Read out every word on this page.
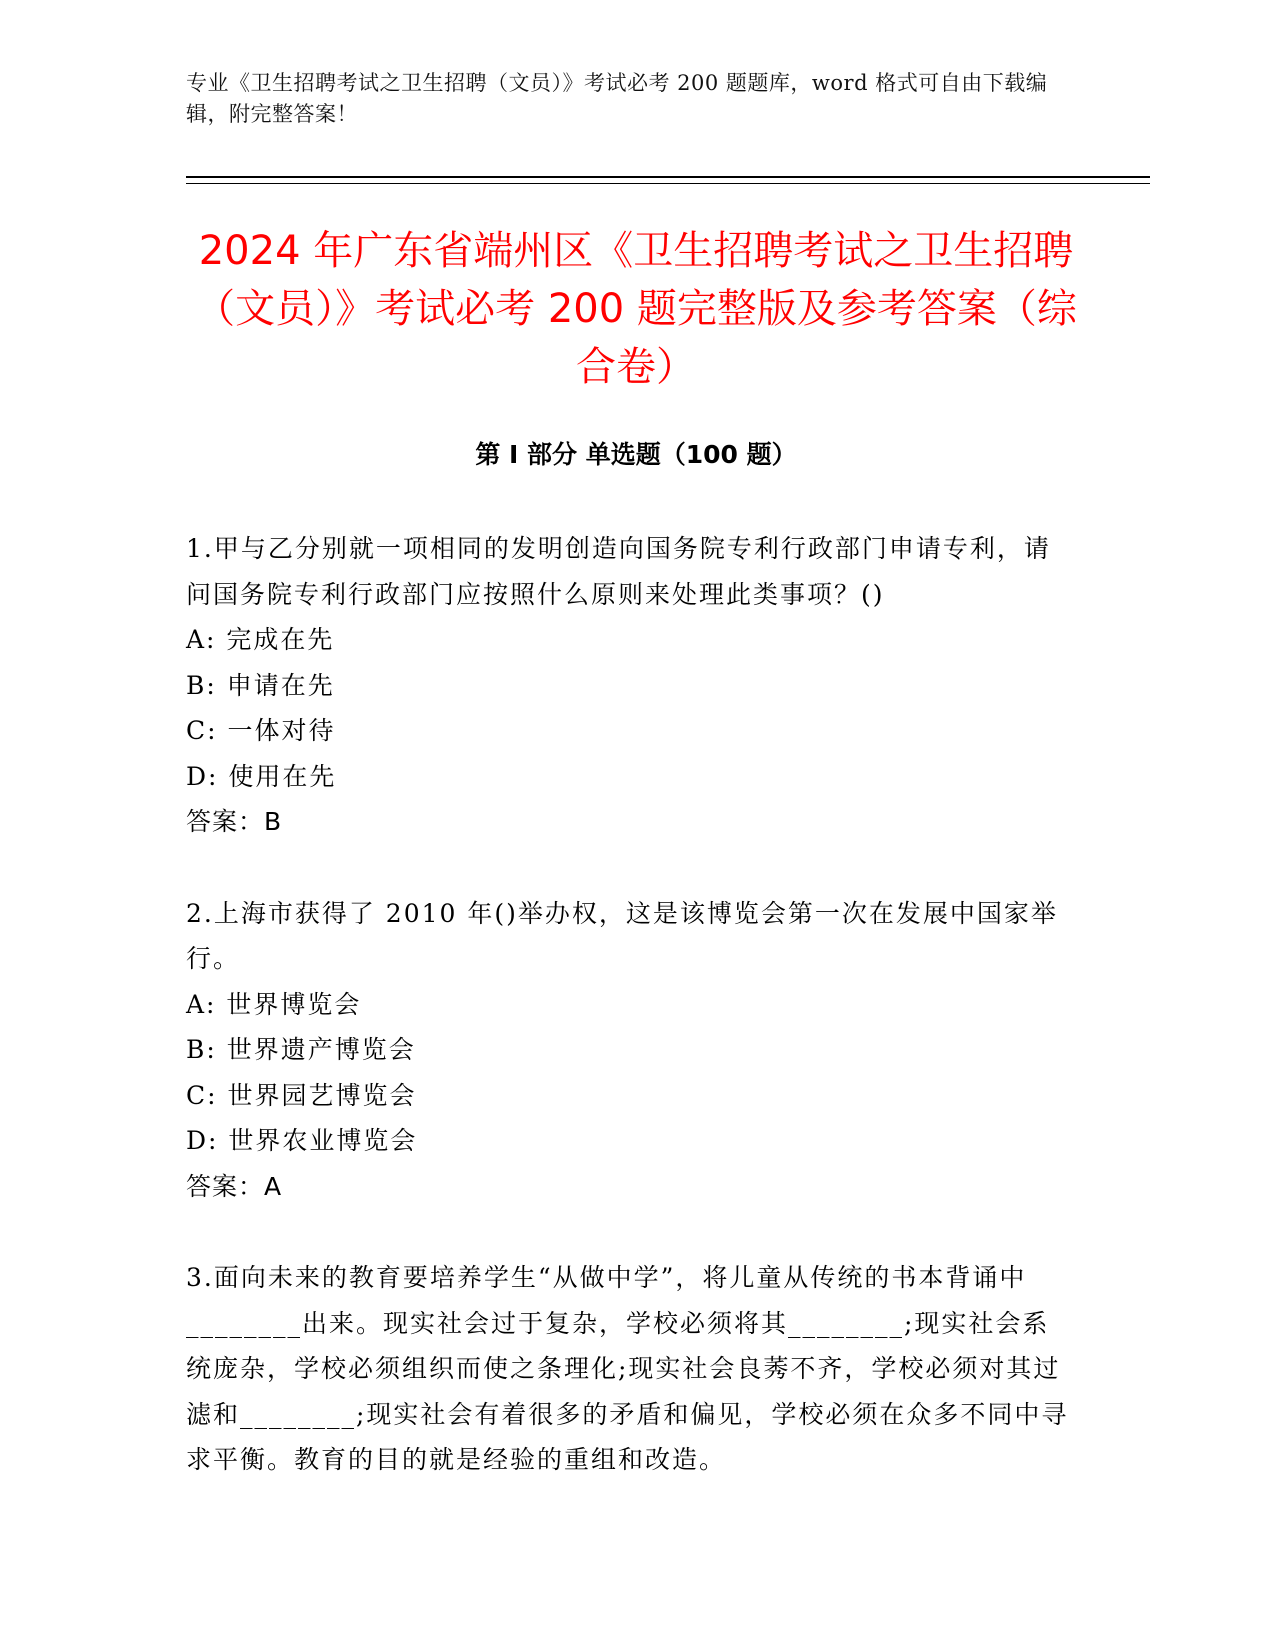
专业《卫生招聘考试之卫生招聘（文员）》考试必考 200 题题库，word 格式可自由下载编辑，附完整答案！
2024 年广东省端州区《卫生招聘考试之卫生招聘（文员）》考试必考 200 题完整版及参考答案（综合卷）
第 I 部分 单选题（100 题）

1.甲与乙分别就一项相同的发明创造向国务院专利行政部门申请专利，请问国务院专利行政部门应按照什么原则来处理此类事项？()

A: 完成在先

B: 申请在先

C: 一体对待

D: 使用在先

答案：B

2.上海市获得了 2010 年()举办权，这是该博览会第一次在发展中国家举行。

A: 世界博览会

B: 世界遗产博览会

C: 世界园艺博览会

D: 世界农业博览会

答案：A

3.面向未来的教育要培养学生“从做中学”，将儿童从传统的书本背诵中________出来。现实社会过于复杂，学校必须将其________;现实社会系统庞杂，学校必须组织而使之条理化;现实社会良莠不齐，学校必须对其过滤和________;现实社会有着很多的矛盾和偏见，学校必须在众多不同中寻求平衡。教育的目的就是经验的重组和改造。
